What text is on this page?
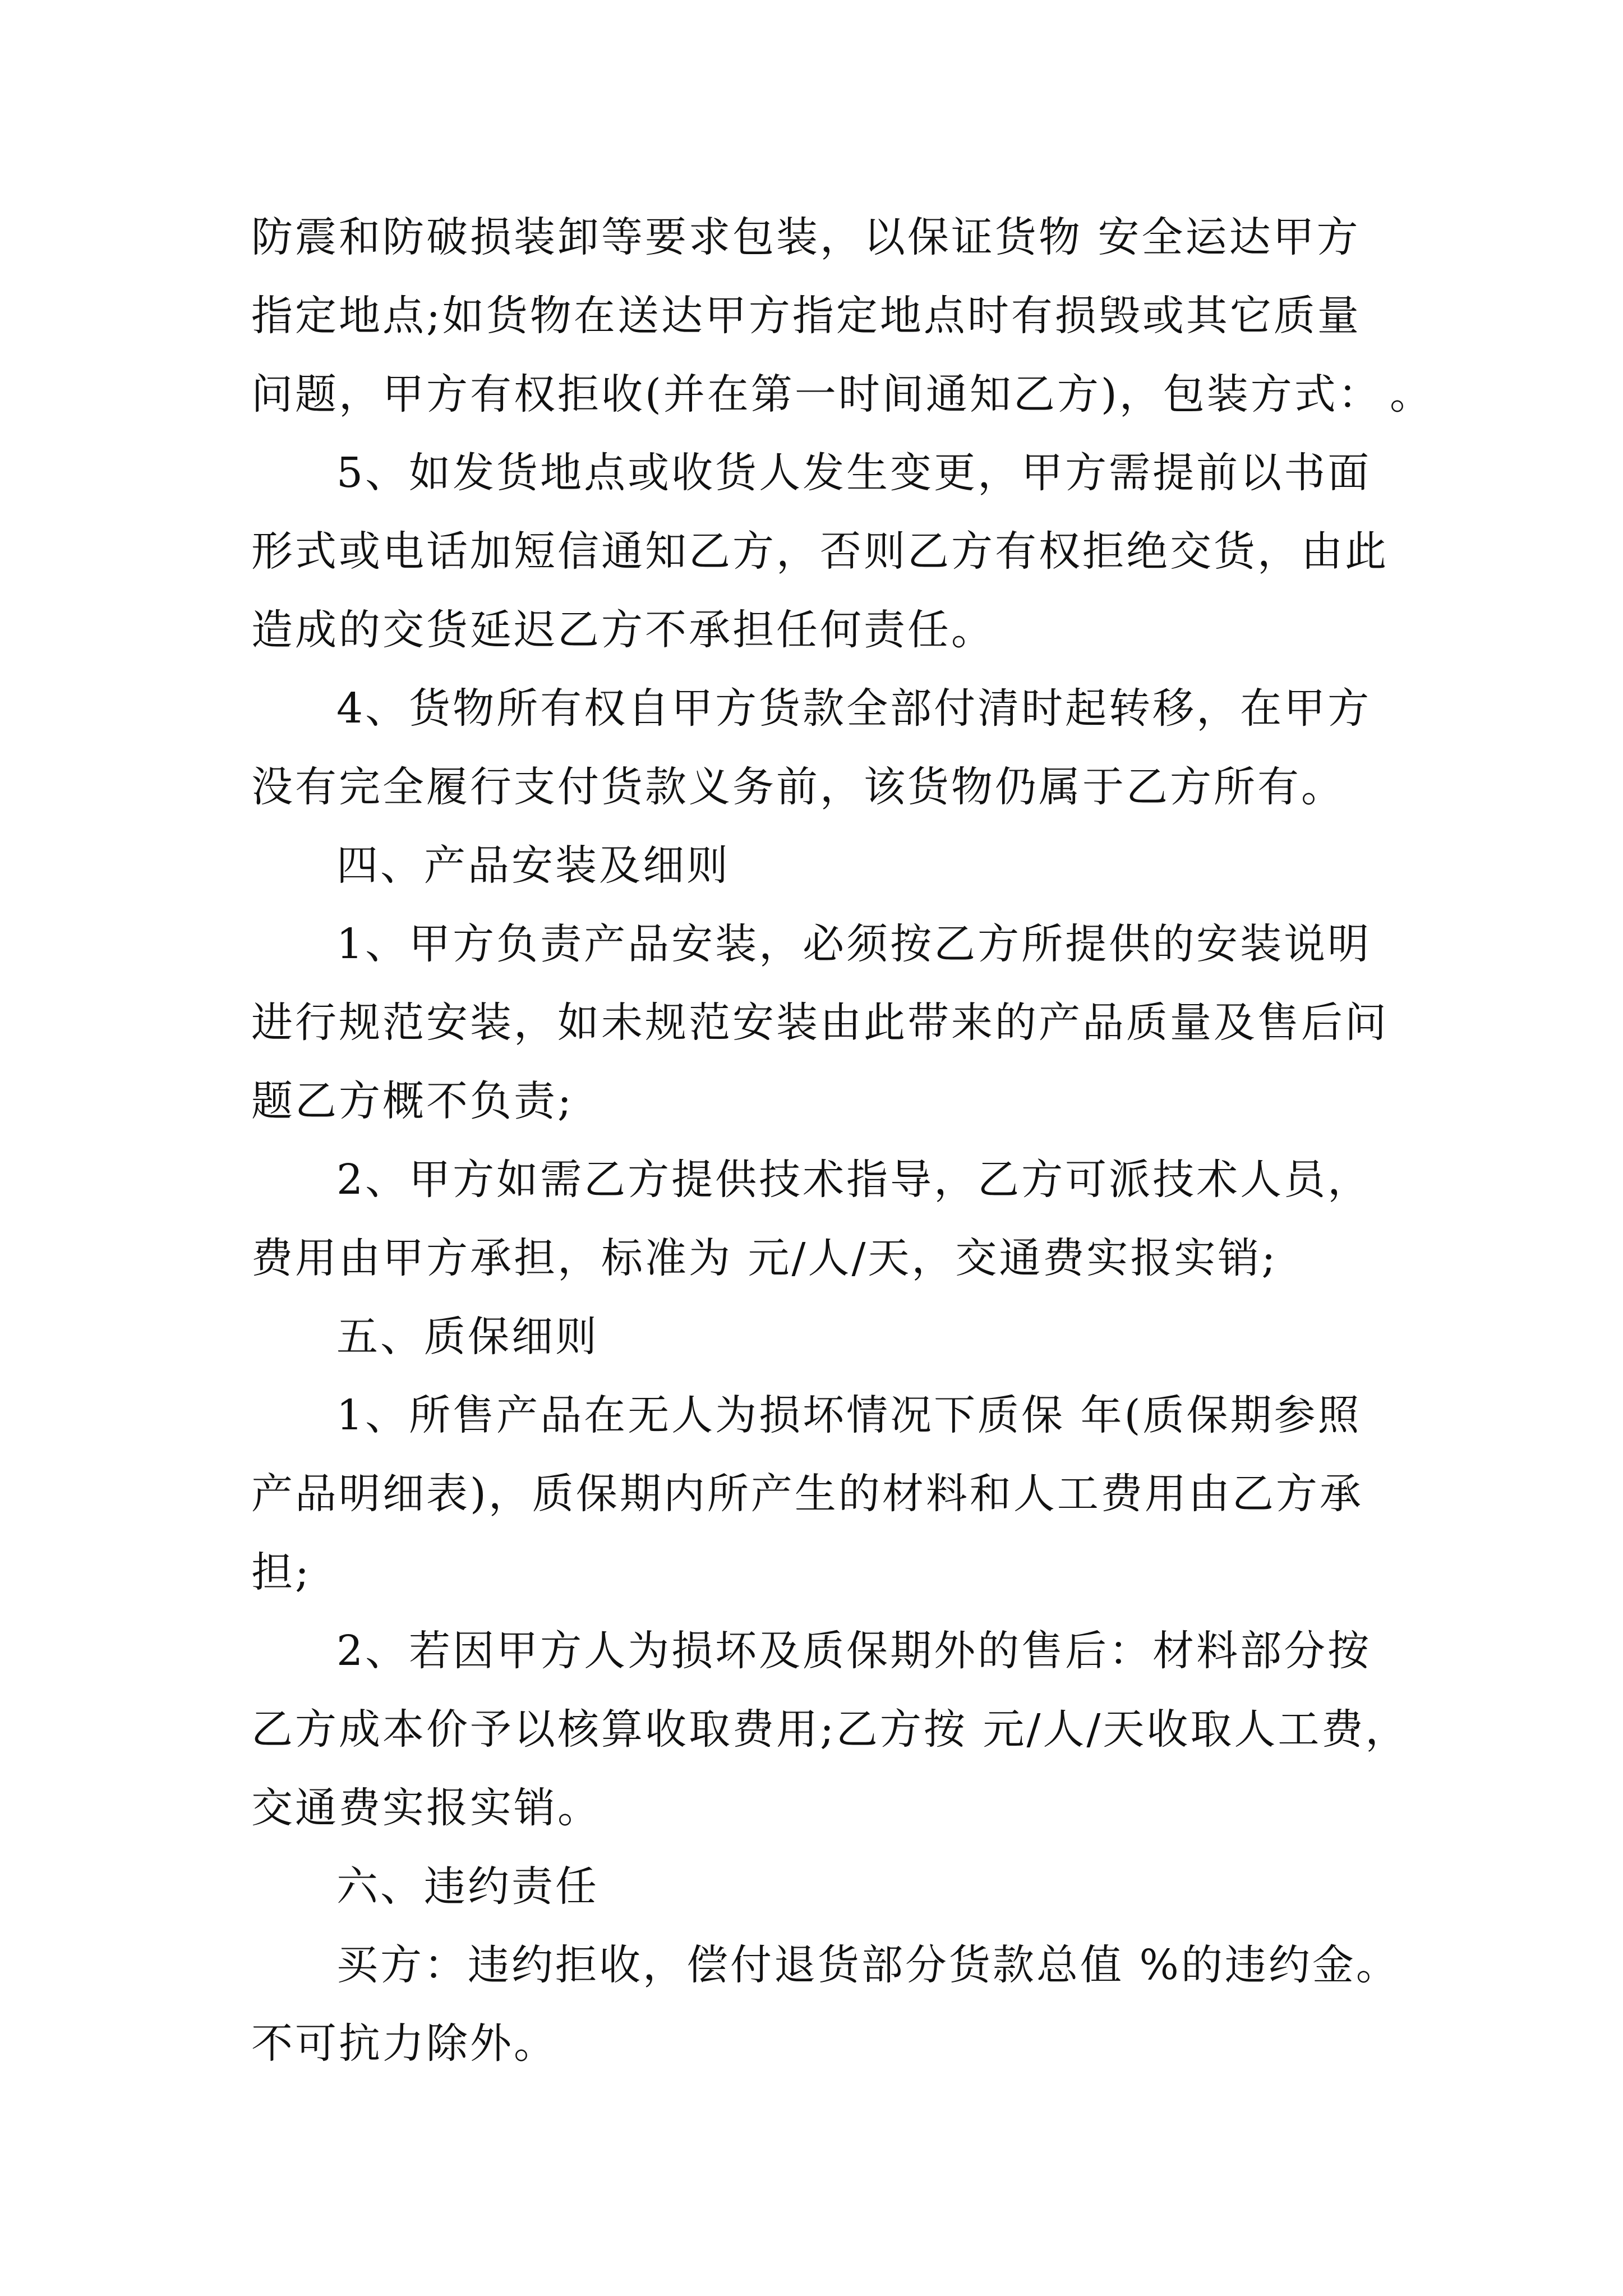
防震和防破损装卸等要求包装，以保证货物 安全运达甲方
指定地点;如货物在送达甲方指定地点时有损毁或其它质量
问题，甲方有权拒收(并在第一时间通知乙方)，包装方式： 。
5、如发货地点或收货人发生变更，甲方需提前以书面
形式或电话加短信通知乙方，否则乙方有权拒绝交货，由此
造成的交货延迟乙方不承担任何责任。
4、货物所有权自甲方货款全部付清时起转移，在甲方
没有完全履行支付货款义务前，该货物仍属于乙方所有。
四、产品安装及细则
1、甲方负责产品安装，必须按乙方所提供的安装说明
进行规范安装，如未规范安装由此带来的产品质量及售后问
题乙方概不负责;
2、甲方如需乙方提供技术指导，乙方可派技术人员，
费用由甲方承担，标准为 元/人/天，交通费实报实销;
五、质保细则
1、所售产品在无人为损坏情况下质保 年(质保期参照
产品明细表)，质保期内所产生的材料和人工费用由乙方承
担;
2、若因甲方人为损坏及质保期外的售后：材料部分按
乙方成本价予以核算收取费用;乙方按 元/人/天收取人工费，
交通费实报实销。
六、违约责任
买方：违约拒收，偿付退货部分货款总值 %的违约金。
不可抗力除外。
